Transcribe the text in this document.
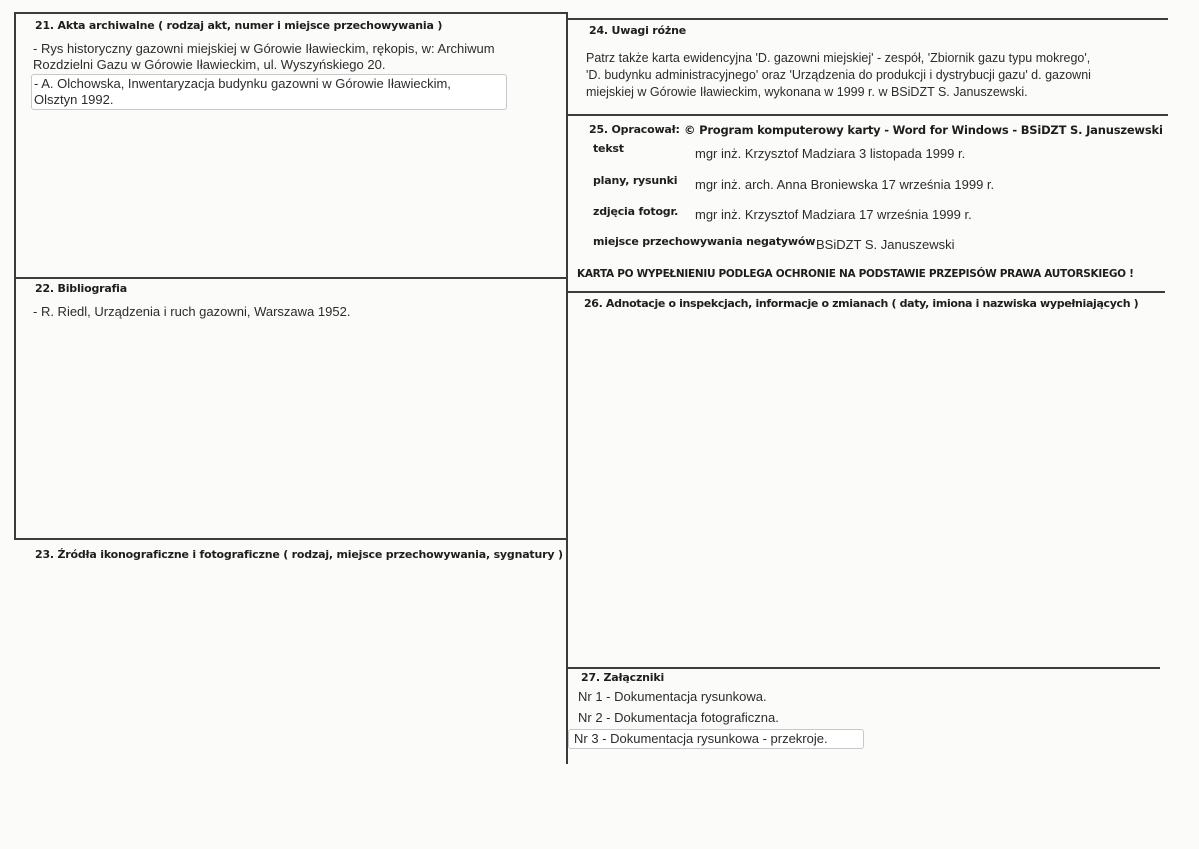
21. Akta archiwalne ( rodzaj akt, numer i miejsce przechowywania )
- Rys historyczny gazowni miejskiej w Górowie Iławieckim, rękopis, w: Archiwum
Rozdzielni Gazu w Górowie Iławieckim, ul. Wyszyńskiego 20.
- A. Olchowska, Inwentaryzacja budynku gazowni w Górowie Iławieckim,
Olsztyn 1992.
22. Bibliografia
- R. Riedl, Urządzenia i ruch gazowni, Warszawa 1952.
23. Źródła ikonograficzne i fotograficzne ( rodzaj, miejsce przechowywania, sygnatury )
24. Uwagi różne
Patrz także karta ewidencyjna 'D. gazowni miejskiej' - zespół, 'Zbiornik gazu typu mokrego',
'D. budynku administracyjnego' oraz 'Urządzenia do produkcji i dystrybucji gazu' d. gazowni
miejskiej w Górowie Iławieckim, wykonana w 1999 r. w BSiDZT S. Januszewski.
25. Opracował: © Program komputerowy karty - Word for Windows - BSiDZT S. Januszewski
tekst	mgr inż. Krzysztof Madziara 3 listopada 1999 r.
plany, rysunki mgr inż. arch. Anna Broniewska 17 września 1999 r.
zdjęcia fotogr. mgr inż. Krzysztof Madziara 17 września 1999 r.
miejsce przechowywania negatywów BSiDZT S. Januszewski
KARTA PO WYPEŁNIENIU PODLEGA OCHRONIE NA PODSTAWIE PRZEPISÓW PRAWA AUTORSKIEGO !
26. Adnotacje o inspekcjach, informacje o zmianach ( daty, imiona i nazwiska wypełniających )
27. Załączniki
Nr 1 - Dokumentacja rysunkowa.
Nr 2 - Dokumentacja fotograficzna.
Nr 3 - Dokumentacja rysunkowa - przekroje.
